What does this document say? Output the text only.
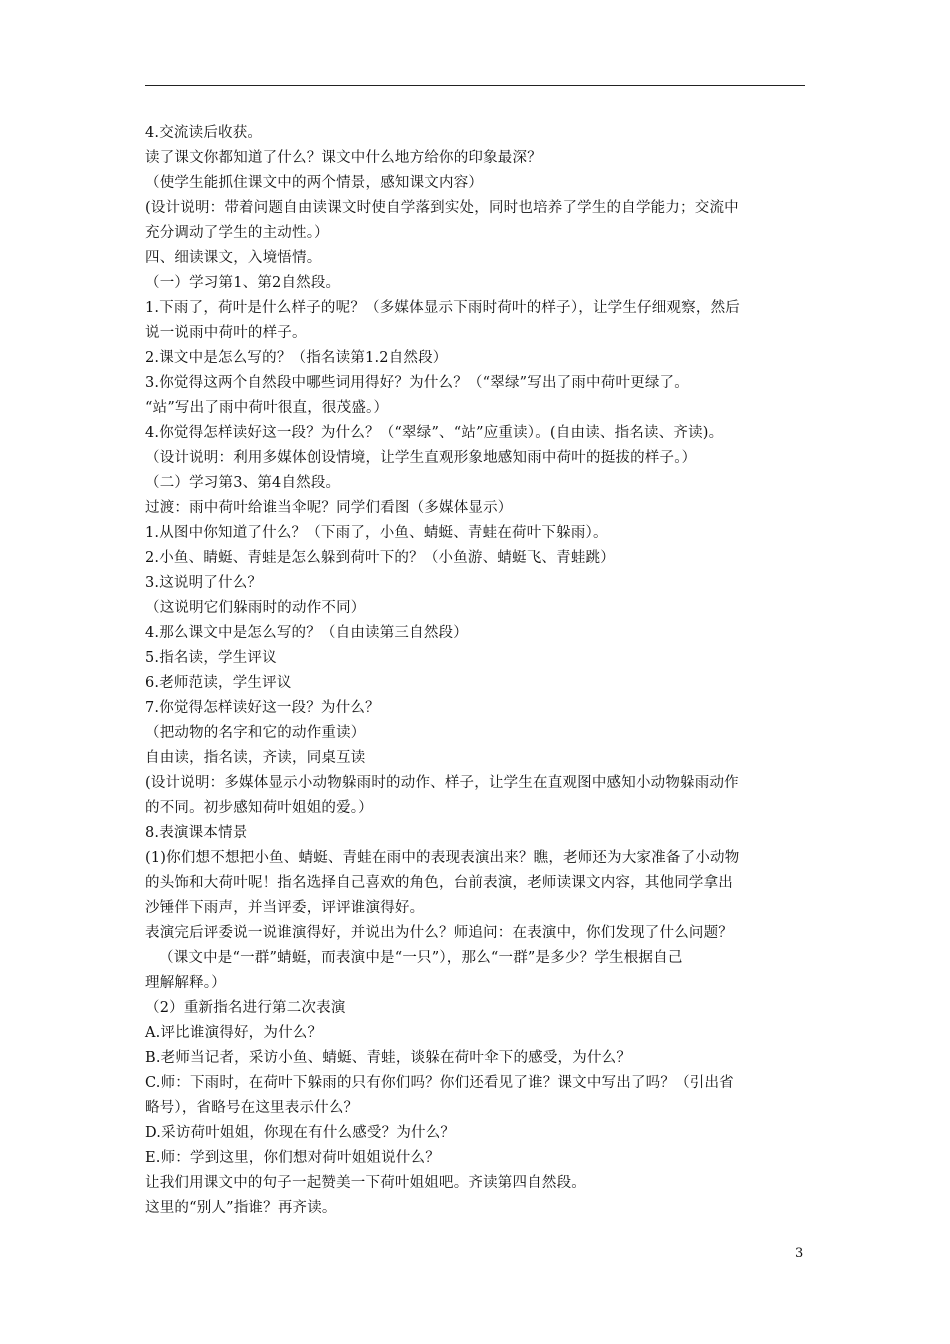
4.交流读后收获。
读了课文你都知道了什么？课文中什么地方给你的印象最深？
（使学生能抓住课文中的两个情景，感知课文内容）
(设计说明：带着问题自由读课文时使自学落到实处，同时也培养了学生的自学能力；交流中
充分调动了学生的主动性。）
四、细读课文，入境悟情。
（一）学习第1、第2自然段。
1.下雨了，荷叶是什么样子的呢？（多媒体显示下雨时荷叶的样子），让学生仔细观察，然后
说一说雨中荷叶的样子。
2.课文中是怎么写的？（指名读第1.2自然段）
3.你觉得这两个自然段中哪些词用得好？为什么？（“翠绿”写出了雨中荷叶更绿了。
“站”写出了雨中荷叶很直，很茂盛。）
4.你觉得怎样读好这一段？为什么？（“翠绿”、“站”应重读）。(自由读、指名读、齐读)。
（设计说明：利用多媒体创设情境，让学生直观形象地感知雨中荷叶的挺拔的样子。）
（二）学习第3、第4自然段。
过渡：雨中荷叶给谁当伞呢？同学们看图（多媒体显示）
1.从图中你知道了什么？（下雨了，小鱼、蜻蜓、青蛙在荷叶下躲雨）。
2.小鱼、睛蜓、青蛙是怎么躲到荷叶下的？（小鱼游、蜻蜓飞、青蛙跳）
3.这说明了什么？
（这说明它们躲雨时的动作不同）
4.那么课文中是怎么写的？（自由读第三自然段）
5.指名读，学生评议
6.老师范读，学生评议
7.你觉得怎样读好这一段？为什么？
（把动物的名字和它的动作重读）
自由读，指名读，齐读，同桌互读
(设计说明：多媒体显示小动物躲雨时的动作、样子，让学生在直观图中感知小动物躲雨动作
的不同。初步感知荷叶姐姐的爱。）
8.表演课本情景
(1)你们想不想把小鱼、蜻蜓、青蛙在雨中的表现表演出来？瞧，老师还为大家准备了小动物
的头饰和大荷叶呢！指名选择自己喜欢的角色，台前表演，老师读课文内容，其他同学拿出
沙锤伴下雨声，并当评委，评评谁演得好。
表演完后评委说一说谁演得好，并说出为什么？师追问：在表演中，你们发现了什么问题？
（课文中是“一群”蜻蜓，而表演中是“一只”），那么“一群”是多少？学生根据自己
理解解释。）
（2）重新指名进行第二次表演
A.评比谁演得好，为什么？
B.老师当记者，采访小鱼、蜻蜓、青蛙，谈躲在荷叶伞下的感受，为什么？
C.师：下雨时，在荷叶下躲雨的只有你们吗？你们还看见了谁？课文中写出了吗？（引出省
略号），省略号在这里表示什么？
D.采访荷叶姐姐，你现在有什么感受？为什么？
E.师：学到这里，你们想对荷叶姐姐说什么？
让我们用课文中的句子一起赞美一下荷叶姐姐吧。齐读第四自然段。
这里的“别人”指谁？再齐读。
3
